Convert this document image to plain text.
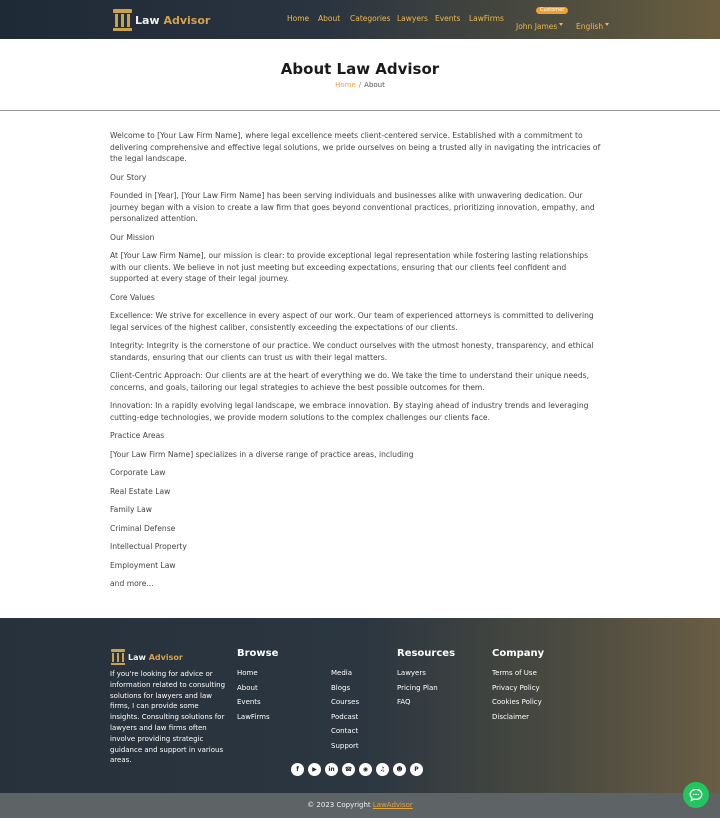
Law Advisor
Customer
Home About Categories Lawyers Events LawFirms
John James	English
About Law Advisor
Home / About

Welcome to [Your Law Firm Name], where legal excellence meets client-centered service. Established with a commitment to delivering comprehensive and effective legal solutions, we pride ourselves on being a trusted ally in navigating the intricacies of the legal landscape.

Our Story

Founded in [Year], [Your Law Firm Name] has been serving individuals and businesses alike with unwavering dedication. Our journey began with a vision to create a law firm that goes beyond conventional practices, prioritizing innovation, empathy, and personalized attention.

Our Mission

At [Your Law Firm Name], our mission is clear: to provide exceptional legal representation while fostering lasting relationships with our clients. We believe in not just meeting but exceeding expectations, ensuring that our clients feel confident and supported at every stage of their legal journey.

Core Values

Excellence: We strive for excellence in every aspect of our work. Our team of experienced attorneys is committed to delivering legal services of the highest caliber, consistently exceeding the expectations of our clients.

Integrity: Integrity is the cornerstone of our practice. We conduct ourselves with the utmost honesty, transparency, and ethical standards, ensuring that our clients can trust us with their legal matters.

Client-Centric Approach: Our clients are at the heart of everything we do. We take the time to understand their unique needs, concerns, and goals, tailoring our legal strategies to achieve the best possible outcomes for them.

Innovation: In a rapidly evolving legal landscape, we embrace innovation. By staying ahead of industry trends and leveraging cutting-edge technologies, we provide modern solutions to the complex challenges our clients face.

Practice Areas

[Your Law Firm Name] specializes in a diverse range of practice areas, including

Corporate Law

Real Estate Law

Family Law

Criminal Defense

Intellectual Property

Employment Law

and more...

Law Advisor
If you're looking for advice or information related to consulting solutions for lawyers and law firms, I can provide some insights. Consulting solutions for lawyers and law firms often involve providing strategic guidance and support in various areas.
Browse
Home
About
Events
LawFirms
Media
Blogs
Courses
Podcast
Contact
Support
Resources
Lawyers
Pricing Plan
FAQ
Company
Terms of Use
Privacy Policy
Cookies Policy
Disclaimer
f	▶	in	☎	◉	♫	☻	P
© 2023 Copyright LawAdvisor
